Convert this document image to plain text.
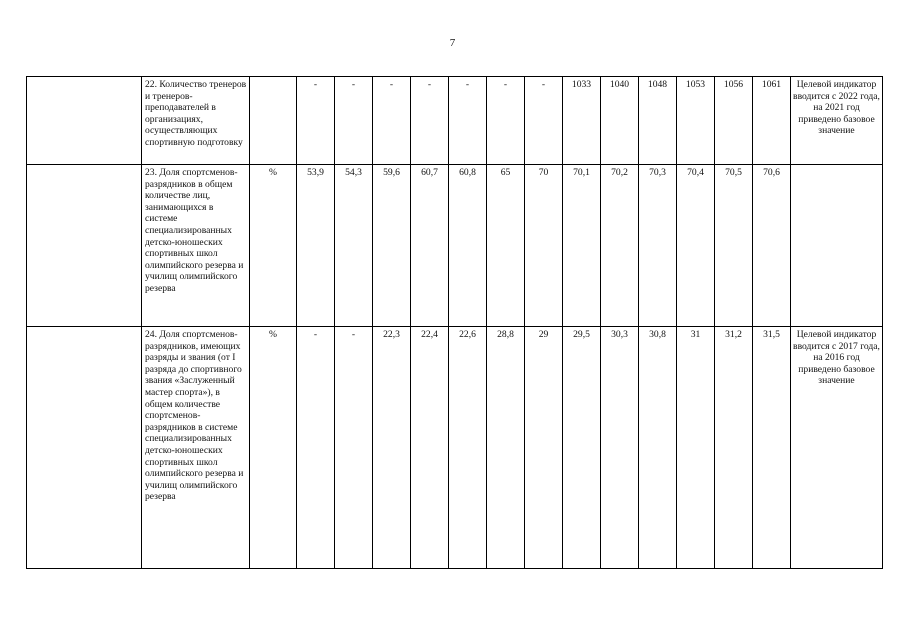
7
	22. Количество тренеров и тренеров-преподавателей в организациях, осуществляющих спортивную подготовку		-	-	-	-	-	-	-	1033	1040	1048	1053	1056	1061	Целевой индикатор вводится с 2022 года, на 2021 год приведено базовое значение
	23. Доля спортсменов-разрядников в общем количестве лиц, занимающихся в системе специализированных детско-юношеских спортивных школ олимпийского резерва и училищ олимпийского резерва	%	53,9	54,3	59,6	60,7	60,8	65	70	70,1	70,2	70,3	70,4	70,5	70,6	
	24. Доля спортсменов-разрядников, имеющих разряды и звания (от I разряда до спортивного звания «Заслуженный мастер спорта»), в общем количестве спортсменов-разрядников в системе специализированных детско-юношеских спортивных школ олимпийского резерва и училищ олимпийского резерва	%	-	-	22,3	22,4	22,6	28,8	29	29,5	30,3	30,8	31	31,2	31,5	Целевой индикатор вводится с 2017 года, на 2016 год приведено базовое значение
